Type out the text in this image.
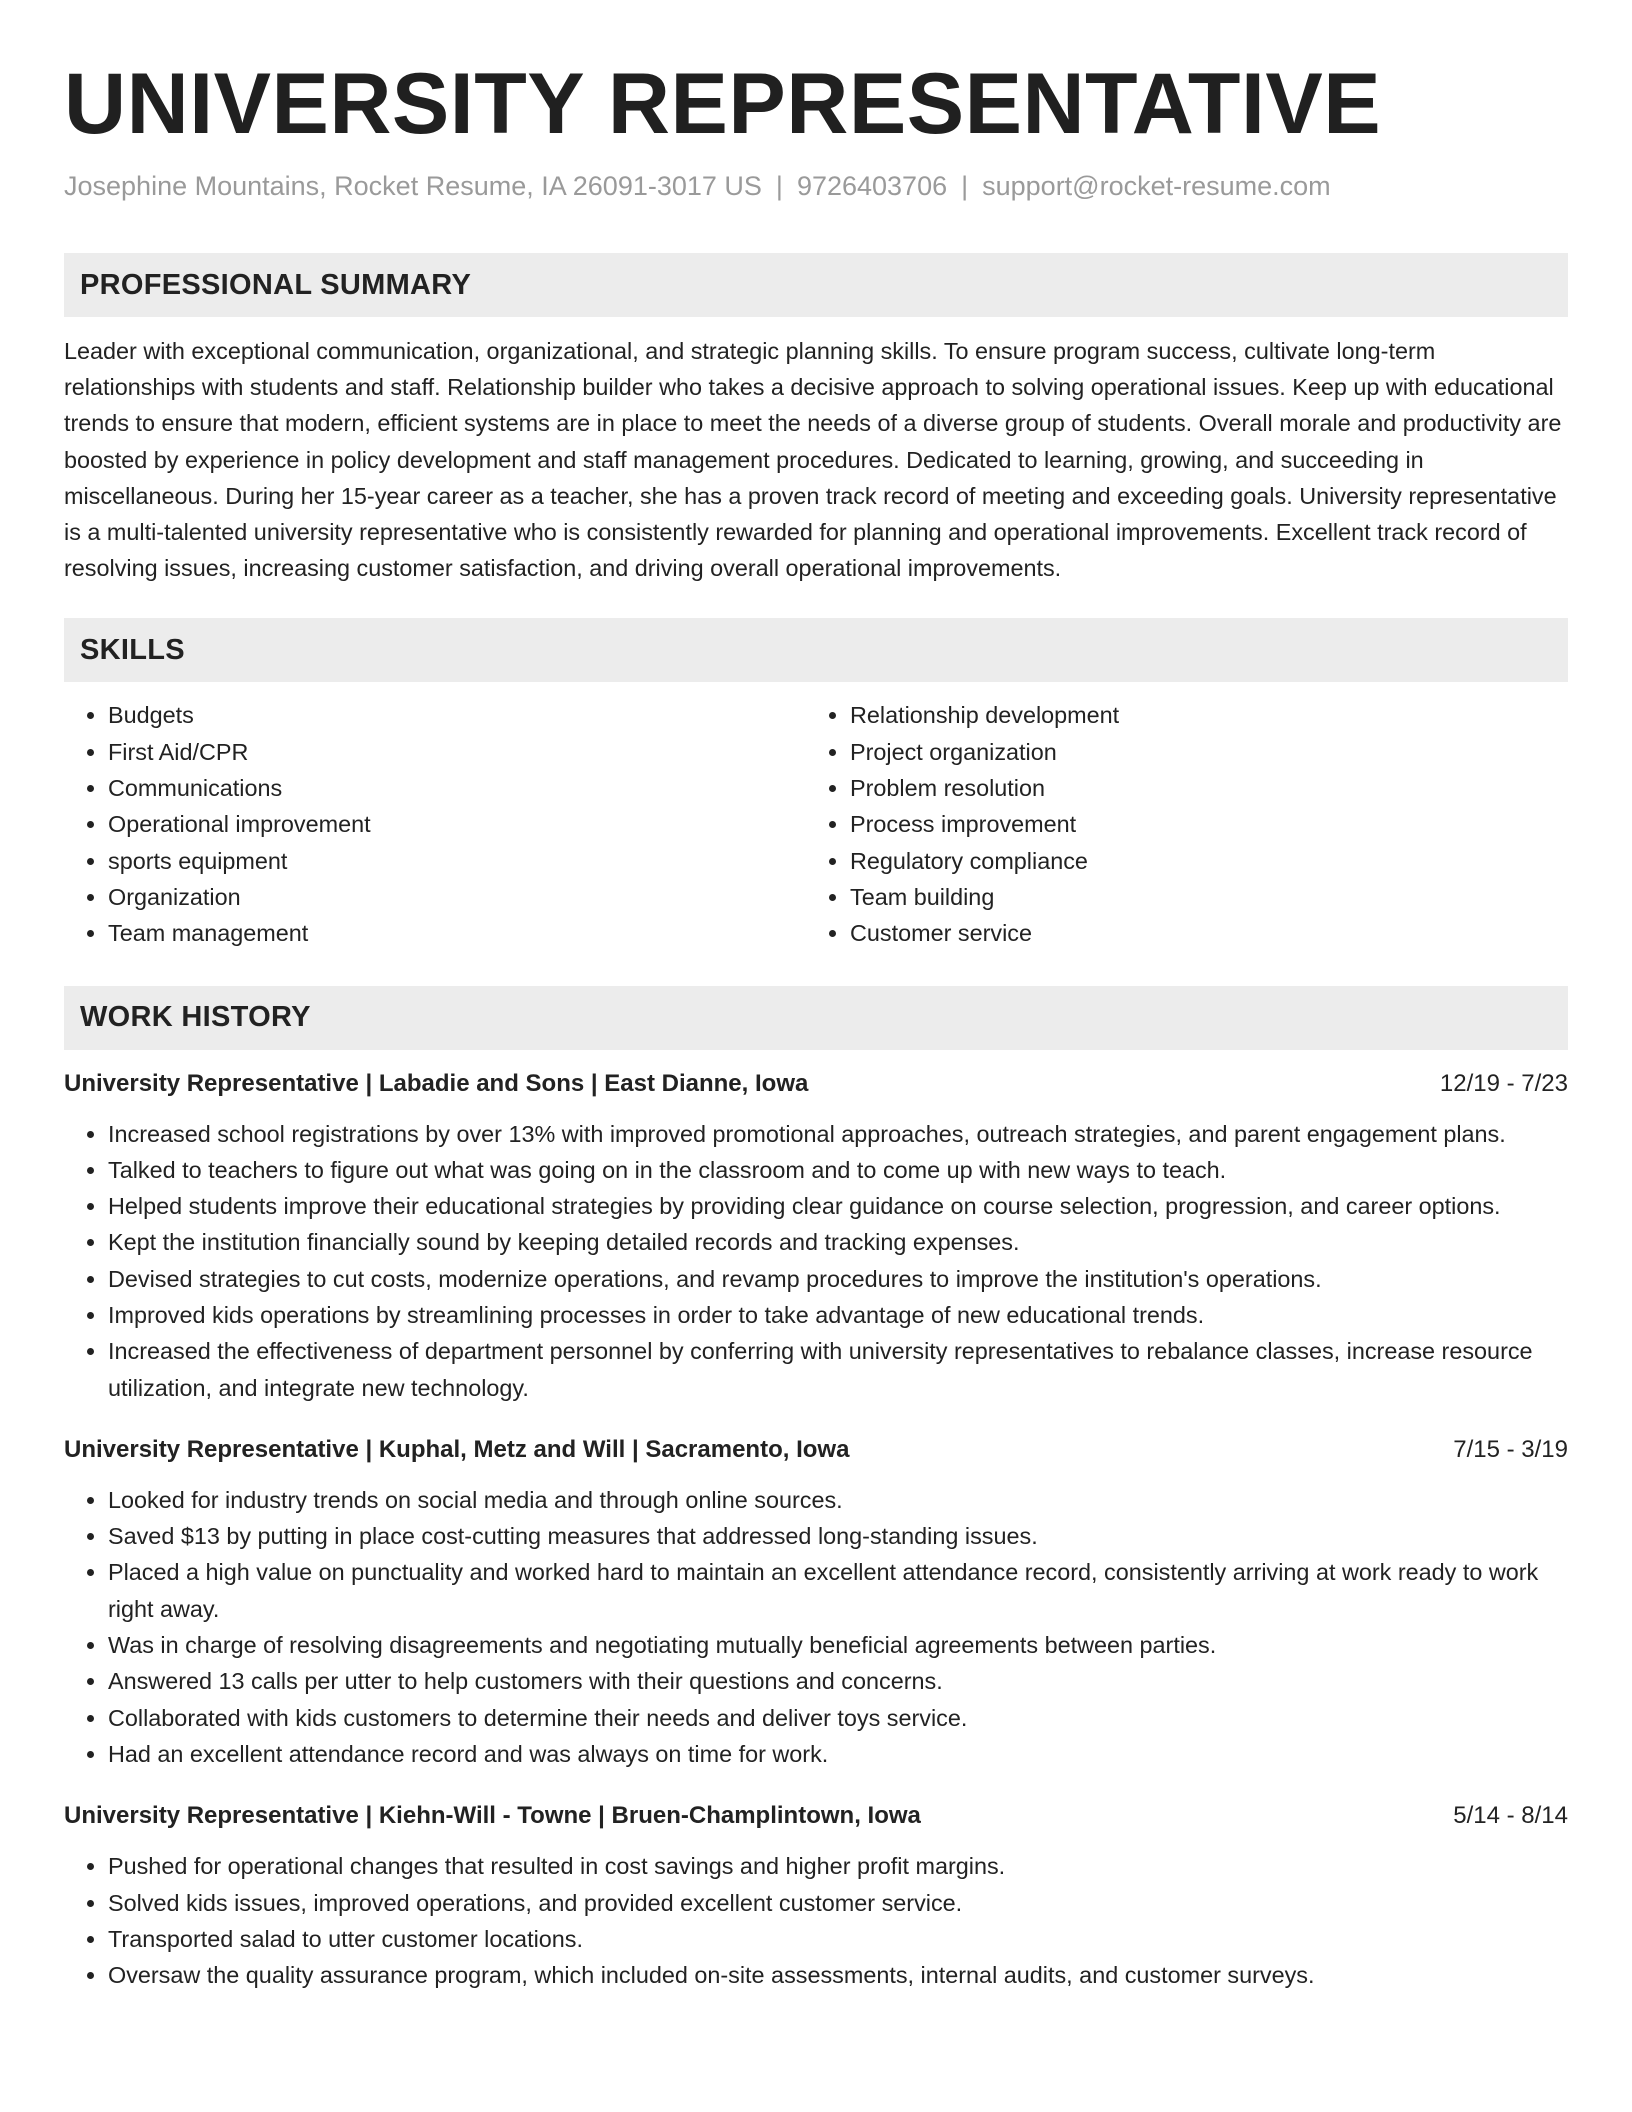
UNIVERSITY REPRESENTATIVE
Josephine Mountains, Rocket Resume, IA 26091-3017 US | 9726403706 | support@rocket-resume.com
PROFESSIONAL SUMMARY

Leader with exceptional communication, organizational, and strategic planning skills. To ensure program success, cultivate long-term relationships with students and staff. Relationship builder who takes a decisive approach to solving operational issues. Keep up with educational trends to ensure that modern, efficient systems are in place to meet the needs of a diverse group of students. Overall morale and productivity are boosted by experience in policy development and staff management procedures. Dedicated to learning, growing, and succeeding in miscellaneous. During her 15-year career as a teacher, she has a proven track record of meeting and exceeding goals. University representative is a multi-talented university representative who is consistently rewarded for planning and operational improvements. Excellent track record of resolving issues, increasing customer satisfaction, and driving overall operational improvements.

SKILLS
• Budgets
• First Aid/CPR
• Communications
• Operational improvement
• sports equipment
• Organization
• Team management
• Relationship development
• Project organization
• Problem resolution
• Process improvement
• Regulatory compliance
• Team building
• Customer service
WORK HISTORY
University Representative | Labadie and Sons | East Dianne, Iowa	12/19 - 7/23
• Increased school registrations by over 13% with improved promotional approaches, outreach strategies, and parent engagement plans.
• Talked to teachers to figure out what was going on in the classroom and to come up with new ways to teach.
• Helped students improve their educational strategies by providing clear guidance on course selection, progression, and career options.
• Kept the institution financially sound by keeping detailed records and tracking expenses.
• Devised strategies to cut costs, modernize operations, and revamp procedures to improve the institution's operations.
• Improved kids operations by streamlining processes in order to take advantage of new educational trends.
• Increased the effectiveness of department personnel by conferring with university representatives to rebalance classes, increase resource utilization, and integrate new technology.
University Representative | Kuphal, Metz and Will | Sacramento, Iowa	7/15 - 3/19
• Looked for industry trends on social media and through online sources.
• Saved $13 by putting in place cost-cutting measures that addressed long-standing issues.
• Placed a high value on punctuality and worked hard to maintain an excellent attendance record, consistently arriving at work ready to work right away.
• Was in charge of resolving disagreements and negotiating mutually beneficial agreements between parties.
• Answered 13 calls per utter to help customers with their questions and concerns.
• Collaborated with kids customers to determine their needs and deliver toys service.
• Had an excellent attendance record and was always on time for work.
University Representative | Kiehn-Will - Towne | Bruen-Champlintown, Iowa	5/14 - 8/14
• Pushed for operational changes that resulted in cost savings and higher profit margins.
• Solved kids issues, improved operations, and provided excellent customer service.
• Transported salad to utter customer locations.
• Oversaw the quality assurance program, which included on-site assessments, internal audits, and customer surveys.
